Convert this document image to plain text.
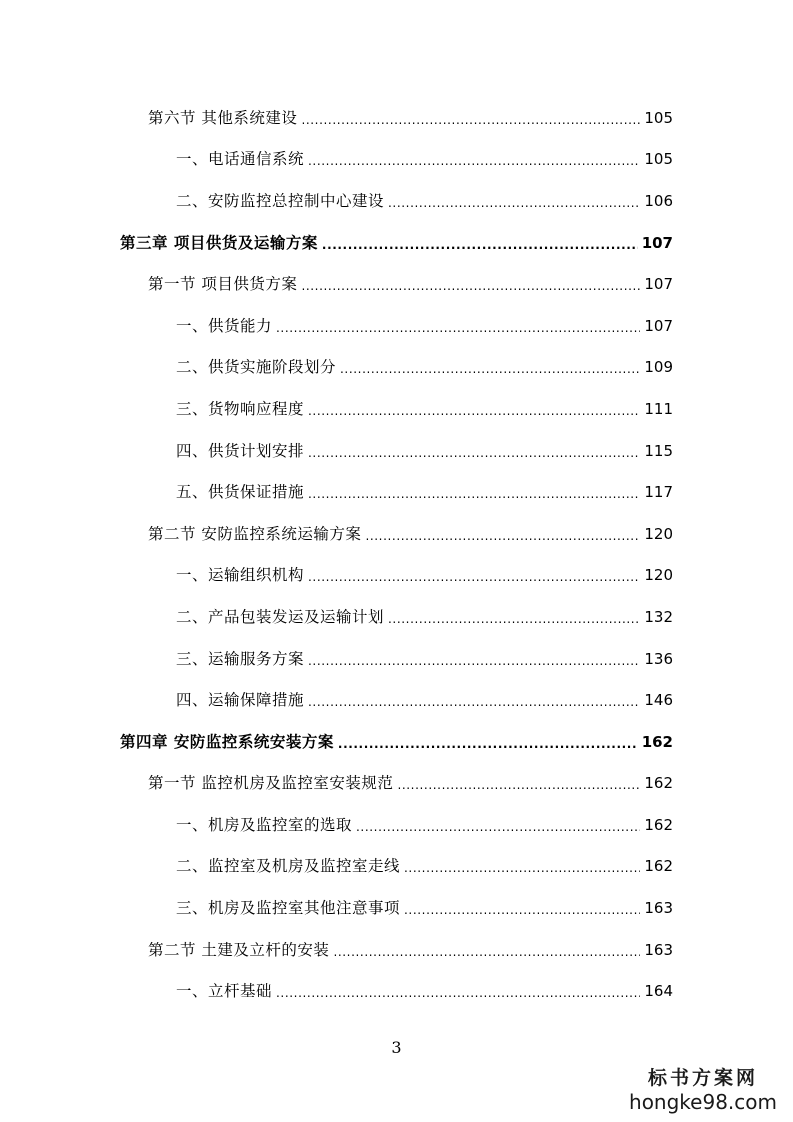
第六节 其他系统建设 .....	105
一、电话通信系统 .....	105
二、安防监控总控制中心建设 .....	106
第三章 项目供货及运输方案 .....	107
第一节 项目供货方案 .....	107
一、供货能力 .....	107
二、供货实施阶段划分 .....	109
三、货物响应程度 .....	111
四、供货计划安排 .....	115
五、供货保证措施 .....	117
第二节 安防监控系统运输方案 .....	120
一、运输组织机构 .....	120
二、产品包装发运及运输计划 .....	132
三、运输服务方案 .....	136
四、运输保障措施 .....	146
第四章 安防监控系统安装方案 .....	162
第一节 监控机房及监控室安装规范 .....	162
一、机房及监控室的选取 .....	162
二、监控室及机房及监控室走线 .....	162
三、机房及监控室其他注意事项 .....	163
第二节 土建及立杆的安装 .....	163
一、立杆基础 .....	164
3
标书方案网
hongke98.com
